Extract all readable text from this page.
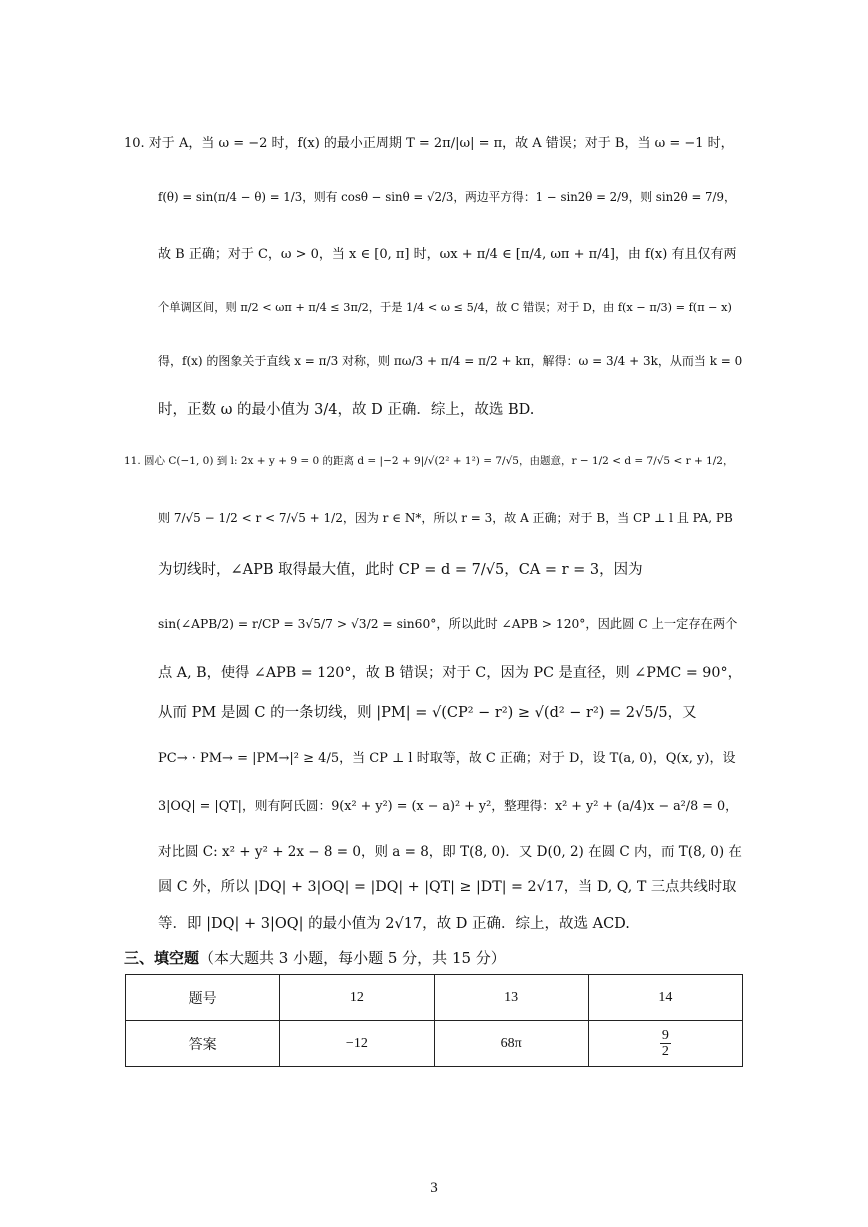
10. 对于 A，当 ω = −2 时，f(x) 的最小正周期 T = 2π/|ω| = π，故 A 错误；对于 B，当 ω = −1 时，
f(θ) = sin(π/4 − θ) = 1/3，则有 cosθ − sinθ = √2/3，两边平方得：1 − sin2θ = 2/9，则 sin2θ = 7/9，
故 B 正确；对于 C，ω > 0，当 x ∈ [0, π] 时，ωx + π/4 ∈ [π/4, ωπ + π/4]，由 f(x) 有且仅有两
个单调区间，则 π/2 < ωπ + π/4 ≤ 3π/2，于是 1/4 < ω ≤ 5/4，故 C 错误；对于 D，由 f(x − π/3) = f(π − x)
得，f(x) 的图象关于直线 x = π/3 对称，则 πω/3 + π/4 = π/2 + kπ，解得：ω = 3/4 + 3k，从而当 k = 0
时，正数 ω 的最小值为 3/4，故 D 正确．综上，故选 BD.
11. 圆心 C(−1, 0) 到 l: 2x + y + 9 = 0 的距离 d = |−2 + 9|/√(2² + 1²) = 7/√5，由题意，r − 1/2 < d = 7/√5 < r + 1/2，
则 7/√5 − 1/2 < r < 7/√5 + 1/2，因为 r ∈ N*，所以 r = 3，故 A 正确；对于 B，当 CP ⊥ l 且 PA, PB
为切线时，∠APB 取得最大值，此时 CP = d = 7/√5，CA = r = 3，因为
sin(∠APB/2) = r/CP = 3√5/7 > √3/2 = sin60°，所以此时 ∠APB > 120°，因此圆 C 上一定存在两个
点 A, B，使得 ∠APB = 120°，故 B 错误；对于 C，因为 PC 是直径，则 ∠PMC = 90°，
从而 PM 是圆 C 的一条切线，则 |PM| = √(CP² − r²) ≥ √(d² − r²) = 2√5/5，又
PC→ · PM→ = |PM→|² ≥ 4/5，当 CP ⊥ l 时取等，故 C 正确；对于 D，设 T(a, 0)，Q(x, y)，设
3|OQ| = |QT|，则有阿氏圆：9(x² + y²) = (x − a)² + y²，整理得：x² + y² + (a/4)x − a²/8 = 0，
对比圆 C: x² + y² + 2x − 8 = 0，则 a = 8，即 T(8, 0)．又 D(0, 2) 在圆 C 内，而 T(8, 0) 在
圆 C 外，所以 |DQ| + 3|OQ| = |DQ| + |QT| ≥ |DT| = 2√17，当 D, Q, T 三点共线时取
等．即 |DQ| + 3|OQ| 的最小值为 2√17，故 D 正确．综上，故选 ACD.
三、填空题（本大题共 3 小题，每小题 5 分，共 15 分）
题号	12	13	14
答案	−12	68π	$\frac{9}{2}$
3
